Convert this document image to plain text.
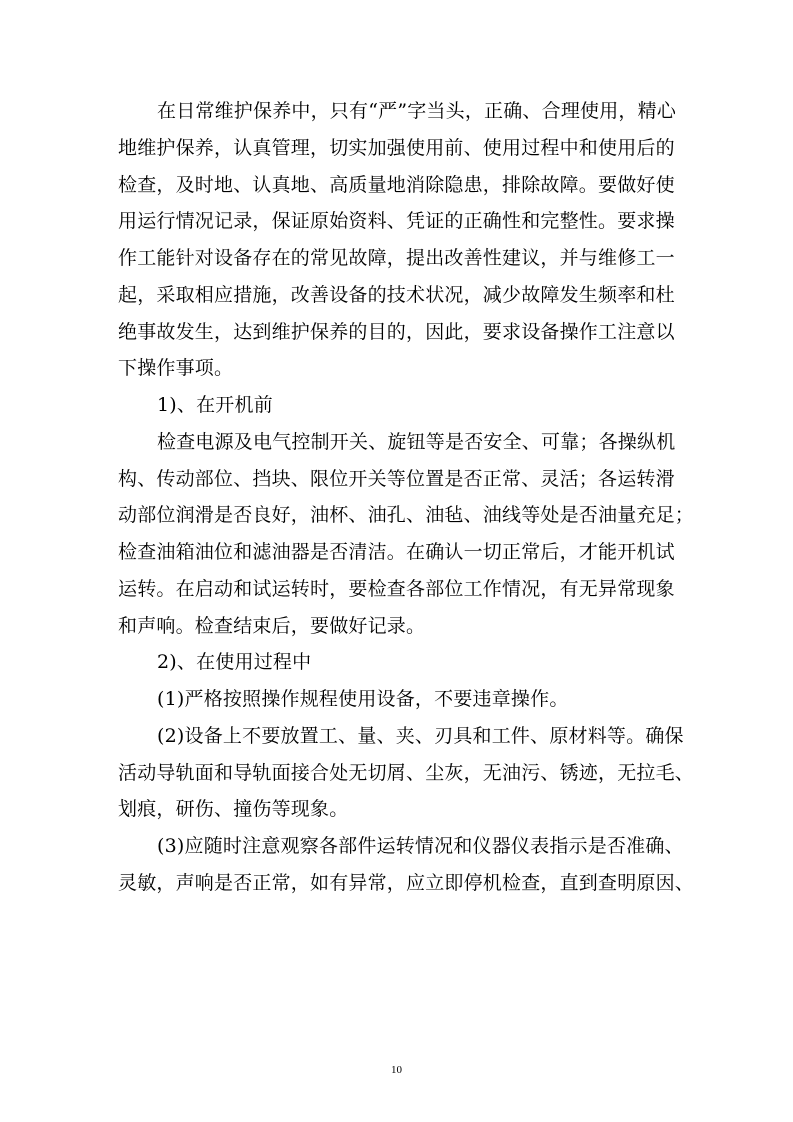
在日常维护保养中，只有“严”字当头，正确、合理使用，精心
地维护保养，认真管理，切实加强使用前、使用过程中和使用后的
检查，及时地、认真地、高质量地消除隐患，排除故障。要做好使
用运行情况记录，保证原始资料、凭证的正确性和完整性。要求操
作工能针对设备存在的常见故障，提出改善性建议，并与维修工一
起，采取相应措施，改善设备的技术状况，减少故障发生频率和杜
绝事故发生，达到维护保养的目的，因此，要求设备操作工注意以
下操作事项。
1)、在开机前
检查电源及电气控制开关、旋钮等是否安全、可靠；各操纵机
构、传动部位、挡块、限位开关等位置是否正常、灵活；各运转滑
动部位润滑是否良好，油杯、油孔、油毡、油线等处是否油量充足；
检查油箱油位和滤油器是否清洁。在确认一切正常后，才能开机试
运转。在启动和试运转时，要检查各部位工作情况，有无异常现象
和声响。检查结束后，要做好记录。
2)、在使用过程中
(1)严格按照操作规程使用设备，不要违章操作。
(2)设备上不要放置工、量、夹、刃具和工件、原材料等。确保
活动导轨面和导轨面接合处无切屑、尘灰，无油污、锈迹，无拉毛、
划痕，研伤、撞伤等现象。
(3)应随时注意观察各部件运转情况和仪器仪表指示是否准确、
灵敏，声响是否正常，如有异常，应立即停机检查，直到查明原因、
10
